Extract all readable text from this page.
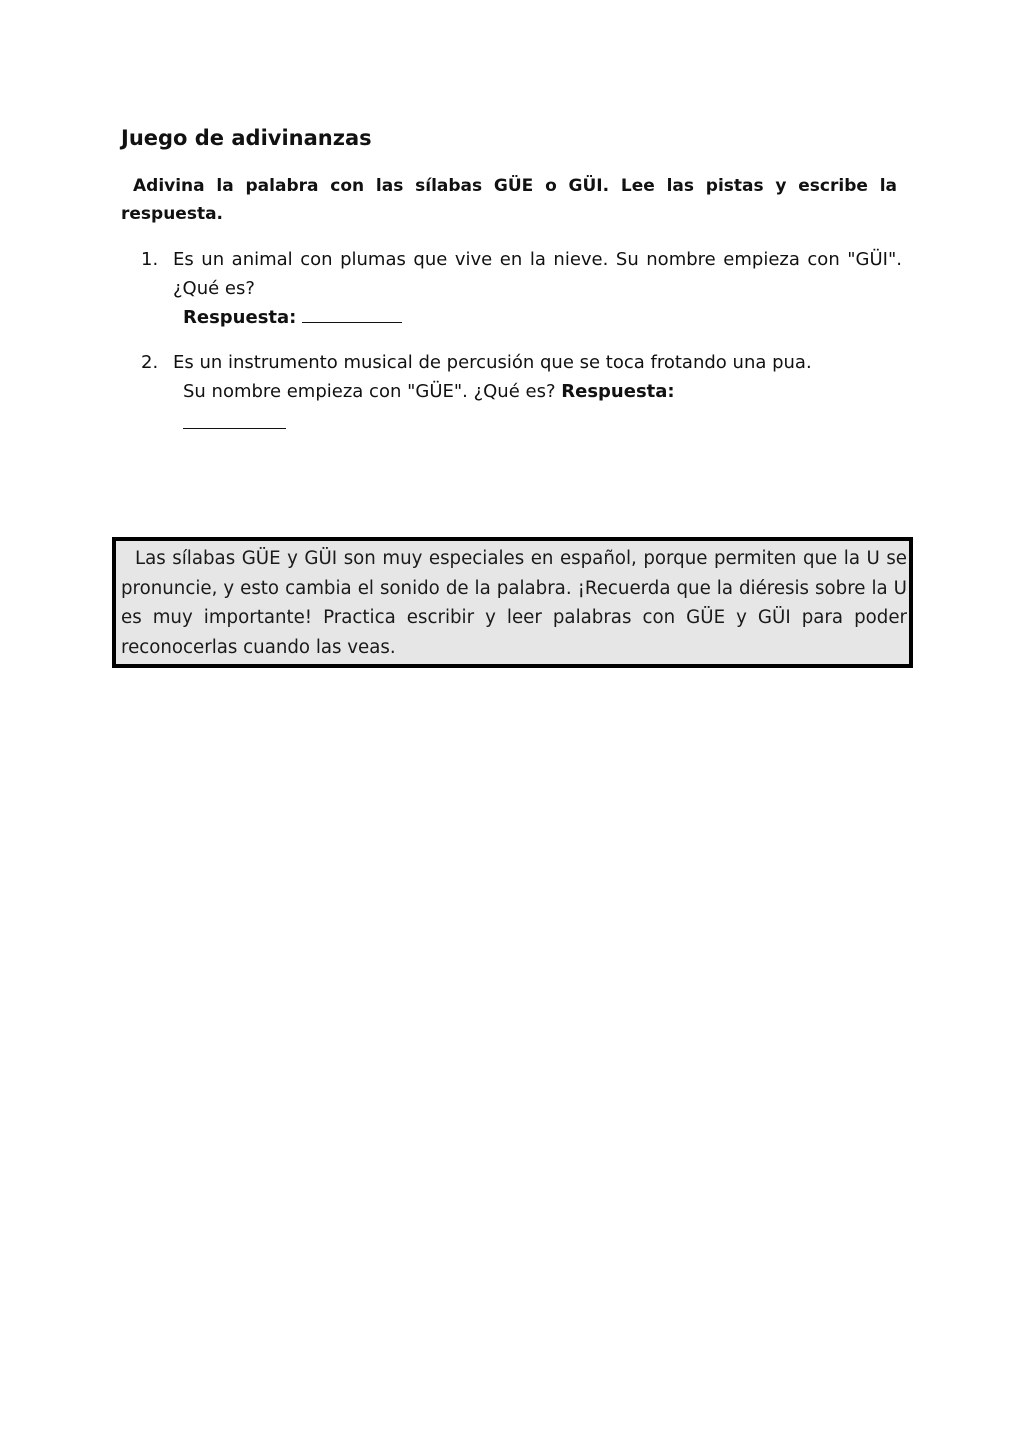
Juego de adivinanzas

Adivina la palabra con las sílabas GÜE o GÜI. Lee las pistas y escribe la respuesta.

1. Es un animal con plumas que vive en la nieve. Su nombre empieza con "GÜI". ¿Qué es?
Respuesta:
2. Es un instrumento musical de percusión que se toca frotando una pua.
Su nombre empieza con "GÜE". ¿Qué es? Respuesta:
Las sílabas GÜE y GÜI son muy especiales en español, porque permiten que la U se pronuncie, y esto cambia el sonido de la palabra. ¡Recuerda que la diéresis sobre la U es muy importante! Practica escribir y leer palabras con GÜE y GÜI para poder reconocerlas cuando las veas.
